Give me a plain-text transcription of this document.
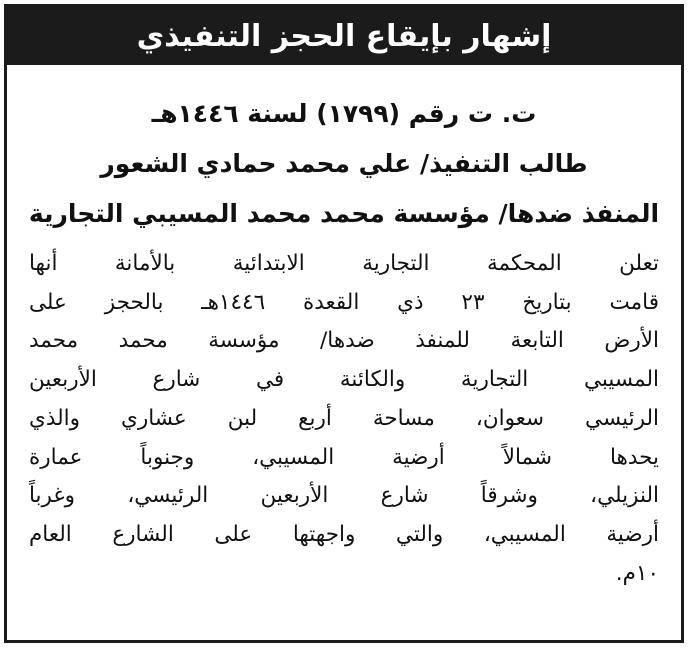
إشهار بإيقاع الحجز التنفيذي
ت. ت رقم (١٧٩٩) لسنة ١٤٤٦هـ
طالب التنفيذ/ علي محمد حمادي الشعور
المنفذ ضدها/ مؤسسة محمد محمد المسيبي التجارية
تعلن المحكمة التجارية الابتدائية بالأمانة أنها
قامت بتاريخ ٢٣ ذي القعدة ١٤٤٦هـ بالحجز على
الأرض التابعة للمنفذ ضدها/ مؤسسة محمد محمد
المسيبي التجارية والكائنة في شارع الأربعين
الرئيسي سعوان، مساحة أربع لبن عشاري والذي
يحدها شمالاً أرضية المسيبي، وجنوباً عمارة
النزيلي، وشرقاً شارع الأربعين الرئيسي، وغرباً
أرضية المسيبي، والتي واجهتها على الشارع العام
١٠م.
